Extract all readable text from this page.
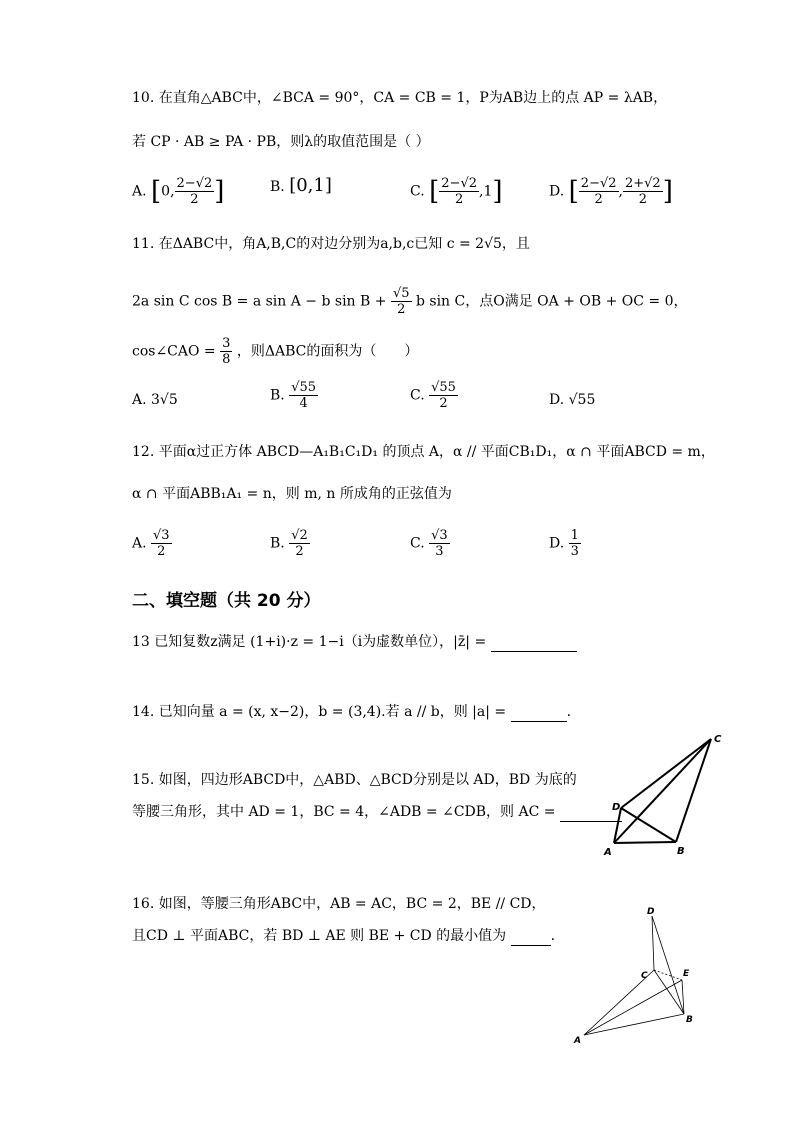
10. 在直角△ABC中，∠BCA = 90°，CA = CB = 1，P为AB边上的点 AP = λAB，
若 CP · AB ≥ PA · PB，则λ的取值范围是（ ）
A. [0, $\frac{2-√2}{2}$ ]	B. [0,1]	C. [ $\frac{2-√2}{2} ,1$]	D. [ $\frac{2-√2}{2}$ , $\frac{2+√2}{2}$ ]
11. 在ΔABC中，角A,B,C的对边分别为a,b,c已知 c = 2√5，且
2a sin C cos B = a sin A − b $\sin B + \frac{√5}{2}$ b sin C，点O满足 OA + OB + OC = 0，
cos∠CAO = $\frac{3}{8}$ ，则ΔABC的面积为（　　）
A. 3√5	B. $\frac{√55}{4}$	C. $\frac{√55}{2}$	D. √55
12. 平面α过正方体 ABCD—A₁B₁C₁D₁ 的顶点 A，α // 平面CB₁D₁，α ∩ 平面ABCD = m，
α ∩ 平面ABB₁A₁ = n，则 m, n 所成角的正弦值为
A. $\frac{√3}{2}$	B. $\frac{√2}{2}$	C. $\frac{√3}{3}$	D. $\frac{1}{3}$
二、填空题（共 20 分）
13 已知复数z满足 (1+i)·z = 1−i（i为虚数单位），|z̄| =
14. 已知向量 a = (x, x−2)，b = (3,4).若 a // b，则 |a| =	.
15. 如图，四边形ABCD中，△ABD、△BCD分别是以 AD，BD 为底的
等腰三角形，其中 AD = 1，BC = 4，∠ADB = ∠CDB，则 AC =
C
D
A	B
16. 如图，等腰三角形ABC中，AB = AC，BC = 2，BE // CD，
且CD ⊥ 平面ABC，若 BD ⊥ AE 则 BE + CD 的最小值为	.
D
C	E
B
A
